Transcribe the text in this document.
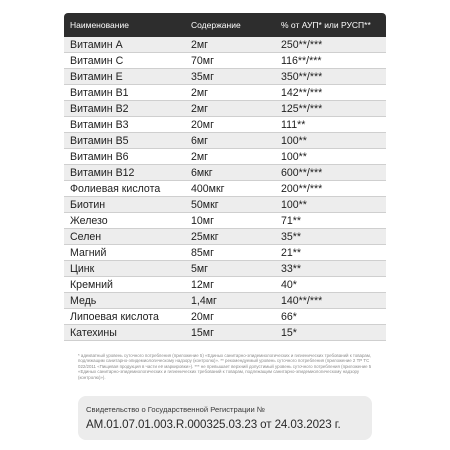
Наименование	Содержание	% от АУП* или РУСП**
Витамин А	2мг	250**/***
Витамин С	70мг	116**/***
Витамин Е	35мг	350**/***
Витамин B1	2мг	142**/***
Витамин B2	2мг	125**/***
Витамин B3	20мг	111**
Витамин B5	6мг	100**
Витамин B6	2мг	100**
Витамин B12	6мкг	600**/***
Фолиевая кислота	400мкг	200**/***
Биотин	50мкг	100**
Железо	10мг	71**
Селен	25мкг	35**
Магний	85мг	21**
Цинк	5мг	33**
Кремний	12мг	40*
Медь	1,4мг	140**/***
Липоевая кислота	20мг	66*
Катехины	15мг	15*
* адекватный уровень суточного потребления (приложение 5) «Единых санитарно-эпидемиологических и гигиенических требований к товарам, подлежащим санитарно-эпидемиологическому надзору (контролю)». ** рекомендуемый уровень суточного потребления (приложение 2 ТР ТС 022/2011 «Пищевая продукция в части её маркировки»). *** не превышает верхний допустимый уровень суточного потребления (приложение 5 «Единых санитарно-эпидемиологических и гигиенических требований к товарам, подлежащим санитарно-эпидемиологическому надзору (контролю)»).
Свидетельство о Государственной Регистрации №
AM.01.07.01.003.R.000325.03.23 от 24.03.2023 г.
